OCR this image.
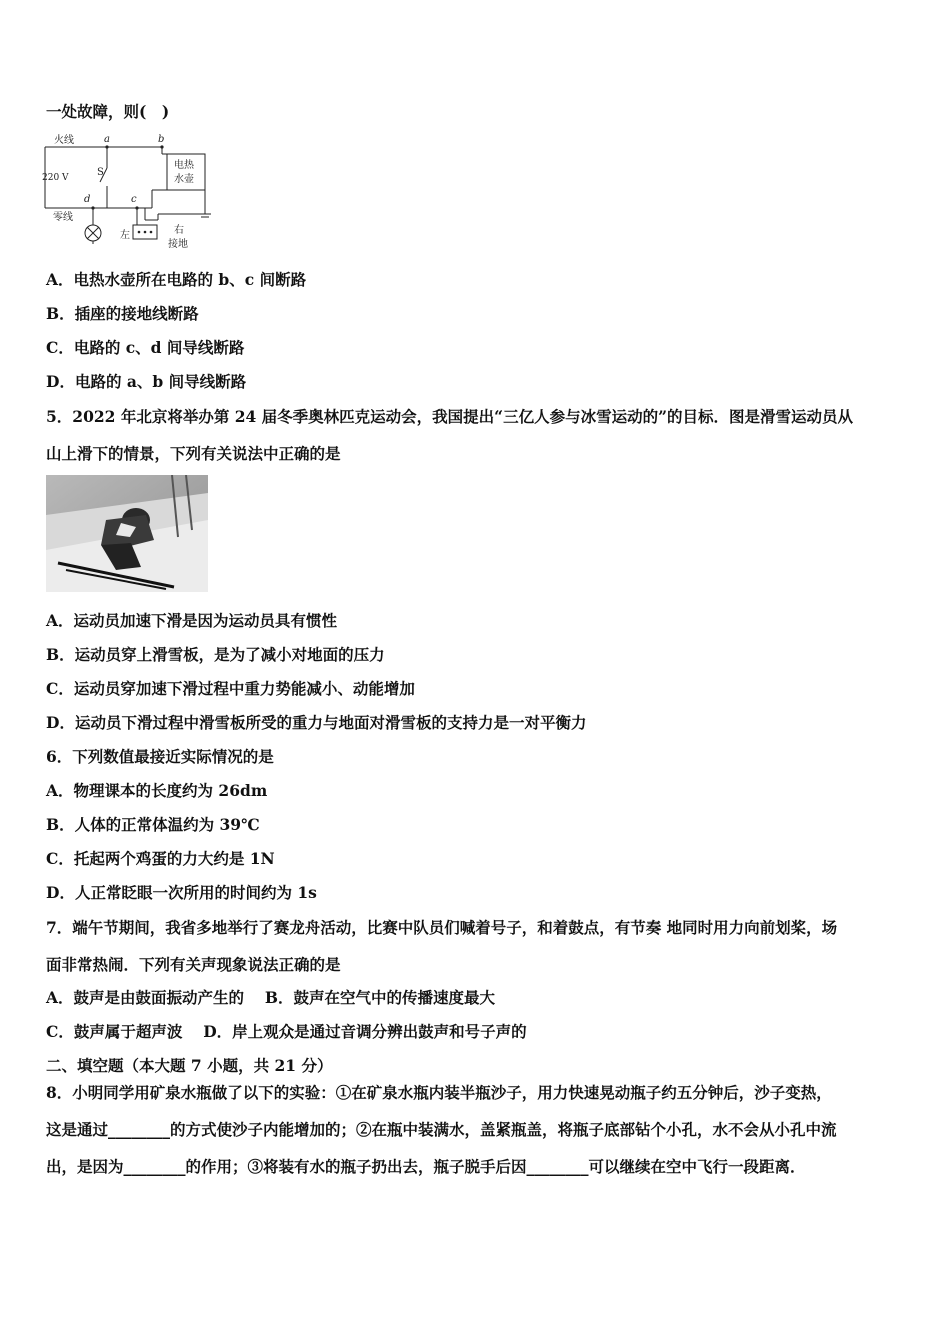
一处故障，则(　)
火线	a	b
220 V	S
d	c
零线
电热
水壶
左	右
接地
A．电热水壶所在电路的 b、c 间断路
B．插座的接地线断路
C．电路的 c、d 间导线断路
D．电路的 a、b 间导线断路
5．2022 年北京将举办第 24 届冬季奥林匹克运动会，我国提出“三亿人参与冰雪运动的”的目标．图是滑雪运动员从
山上滑下的情景，下列有关说法中正确的是
A．运动员加速下滑是因为运动员具有惯性
B．运动员穿上滑雪板，是为了减小对地面的压力
C．运动员穿加速下滑过程中重力势能减小、动能增加
D．运动员下滑过程中滑雪板所受的重力与地面对滑雪板的支持力是一对平衡力
6．下列数值最接近实际情况的是
A．物理课本的长度约为 26dm
B．人体的正常体温约为 39℃
C．托起两个鸡蛋的力大约是 1N
D．人正常眨眼一次所用的时间约为 1s
7．端午节期间，我省多地举行了赛龙舟活动，比赛中队员们喊着号子，和着鼓点，有节奏 地同时用力向前划桨，场
面非常热闹．下列有关声现象说法正确的是
A．鼓声是由鼓面振动产生的　 B．鼓声在空气中的传播速度最大
C．鼓声属于超声波　 D．岸上观众是通过音调分辨出鼓声和号子声的
二、填空题（本大题 7 小题，共 21 分）
8．小明同学用矿泉水瓶做了以下的实验：①在矿泉水瓶内装半瓶沙子，用力快速晃动瓶子约五分钟后，沙子变热，
这是通过________的方式使沙子内能增加的；②在瓶中装满水，盖紧瓶盖，将瓶子底部钻个小孔，水不会从小孔中流
出，是因为________的作用；③将装有水的瓶子扔出去，瓶子脱手后因________可以继续在空中飞行一段距离．
